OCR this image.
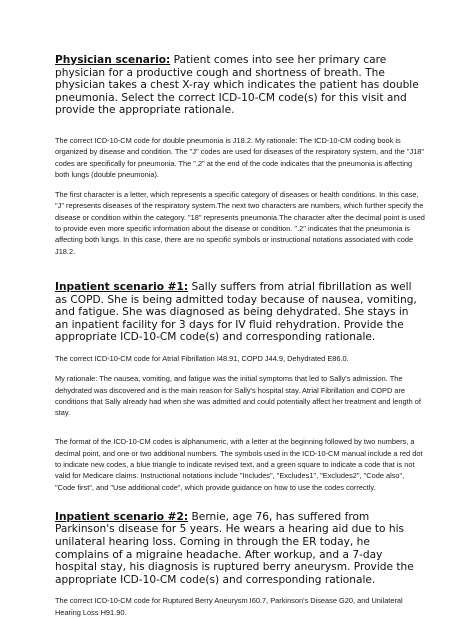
Physician scenario: Patient comes into see her primary care physician for a productive cough and shortness of breath. The physician takes a chest X-ray which indicates the patient has double pneumonia. Select the correct ICD-10-CM code(s) for this visit and provide the appropriate rationale.

The correct ICD-10-CM code for double pneumonia is J18.2. My rationale: The ICD-10-CM coding book is organized by disease and condition. The "J" codes are used for diseases of the respiratory system, and the "J18" codes are specifically for pneumonia. The ".2" at the end of the code indicates that the pneumonia is affecting both lungs (double pneumonia).

The first character is a letter, which represents a specific category of diseases or health conditions. In this case, "J" represents diseases of the respiratory system.The next two characters are numbers, which further specify the disease or condition within the category. "18" represents pneumonia.The character after the decimal point is used to provide even more specific information about the disease or condition. ".2" indicates that the pneumonia is affecting both lungs. In this case, there are no specific symbols or instructional notations associated with code J18.2.

Inpatient scenario #1: Sally suffers from atrial fibrillation as well as COPD. She is being admitted today because of nausea, vomiting, and fatigue. She was diagnosed as being dehydrated. She stays in an inpatient facility for 3 days for IV fluid rehydration. Provide the appropriate ICD-10-CM code(s) and corresponding rationale.

The correct ICD-10-CM code for Atrial Fibrillation I48.91, COPD J44.9, Dehydrated E86.0.

My rationale: The nausea, vomiting, and fatigue was the initial symptoms that led to Sally's admission. The dehydrated was discovered and is the main reason for Sally's hospital stay. Atrial Fibrillation and COPD are conditions that Sally already had when she was admitted and could potentially affect her treatment and length of stay.

The format of the ICD-10-CM codes is alphanumeric, with a letter at the beginning followed by two numbers, a decimal point, and one or two additional numbers. The symbols used in the ICD-10-CM manual include a red dot to indicate new codes, a blue triangle to indicate revised text, and a green square to indicate a code that is not valid for Medicare claims. Instructional notations include "Includes", "Excludes1", "Excludes2", "Code also", "Code first", and "Use additional code", which provide guidance on how to use the codes correctly.

Inpatient scenario #2: Bernie, age 76, has suffered from Parkinson's disease for 5 years. He wears a hearing aid due to his unilateral hearing loss. Coming in through the ER today, he complains of a migraine headache. After workup, and a 7-day hospital stay, his diagnosis is ruptured berry aneurysm. Provide the appropriate ICD-10-CM code(s) and corresponding rationale.

The correct ICD-10-CM code for Ruptured Berry Aneurysm I60.7, Parkinson's Disease G20, and Unilateral Hearing Loss H91.90.
